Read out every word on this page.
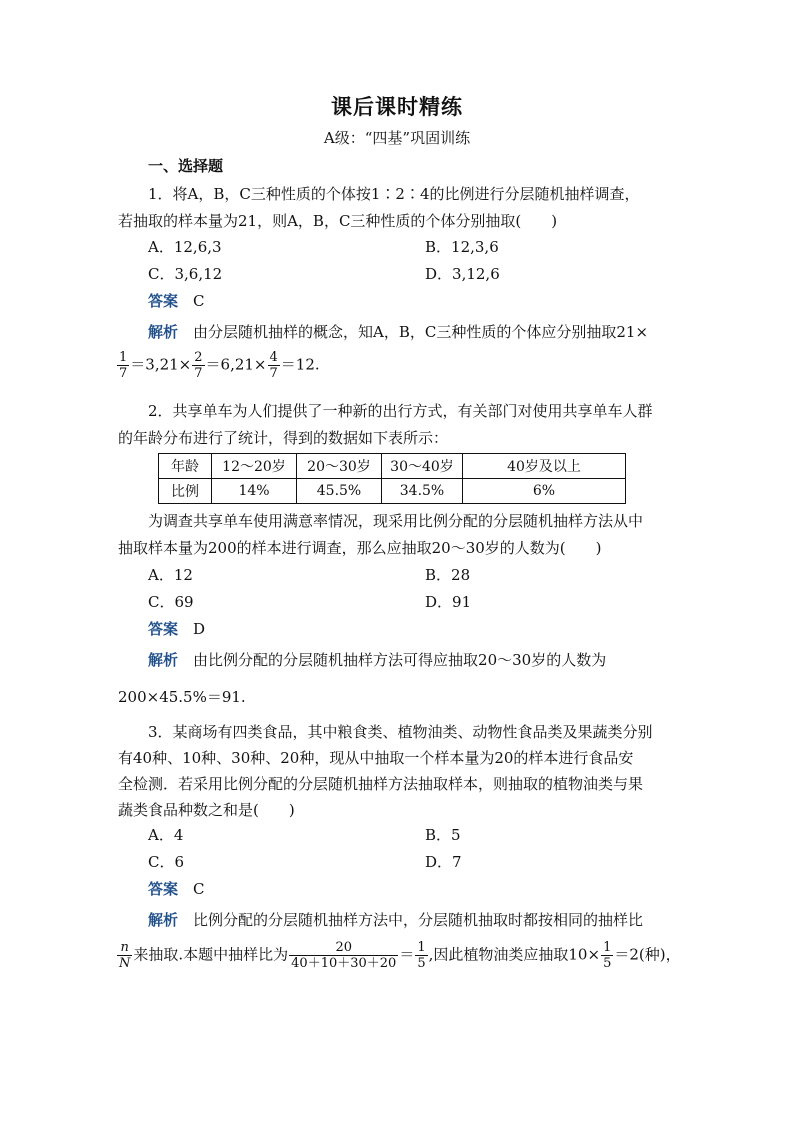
课后课时精练
A级：“四基”巩固训练
一、选择题
1．将A，B，C三种性质的个体按1∶2∶4的比例进行分层随机抽样调查，
若抽取的样本量为21，则A，B，C三种性质的个体分别抽取(　　)
A．12,6,3	B．12,3,6
C．3,6,12	D．3,12,6
答案　 C
解析　 由分层随机抽样的概念，知A，B，C三种性质的个体应分别抽取21×
$\frac{1}{7} =3,21\times \frac{2}{7} =6,21\times \frac{4}{7} =12$.
2．共享单车为人们提供了一种新的出行方式，有关部门对使用共享单车人群
的年龄分布进行了统计，得到的数据如下表所示：
年龄	12～20岁	20～30岁	30～40岁	40岁及以上
比例	14%	45.5%	34.5%	6%
为调查共享单车使用满意率情况，现采用比例分配的分层随机抽样方法从中
抽取样本量为200的样本进行调查，那么应抽取20～30岁的人数为(　　)
A．12	B．28
C．69	D．91
答案　 D
解析　 由比例分配的分层随机抽样方法可得应抽取20～30岁的人数为
200×45.5%＝91.
3．某商场有四类食品，其中粮食类、植物油类、动物性食品类及果蔬类分别
有40种、10种、30种、20种，现从中抽取一个样本量为20的样本进行食品安
全检测．若采用比例分配的分层随机抽样方法抽取样本，则抽取的植物油类与果
蔬类食品种数之和是(　　)
A．4	B．5
C．6	D．7
答案　 C
解析　 比例分配的分层随机抽样方法中，分层随机抽取时都按相同的抽样比
$\frac{n}{N}$ 来抽取.本题中抽样比为 $\frac{20}{40+10+30+20} = \frac{1}{5}$ ,因此植物油类应抽取$10\times \frac{1}{5} =2$(种)，
